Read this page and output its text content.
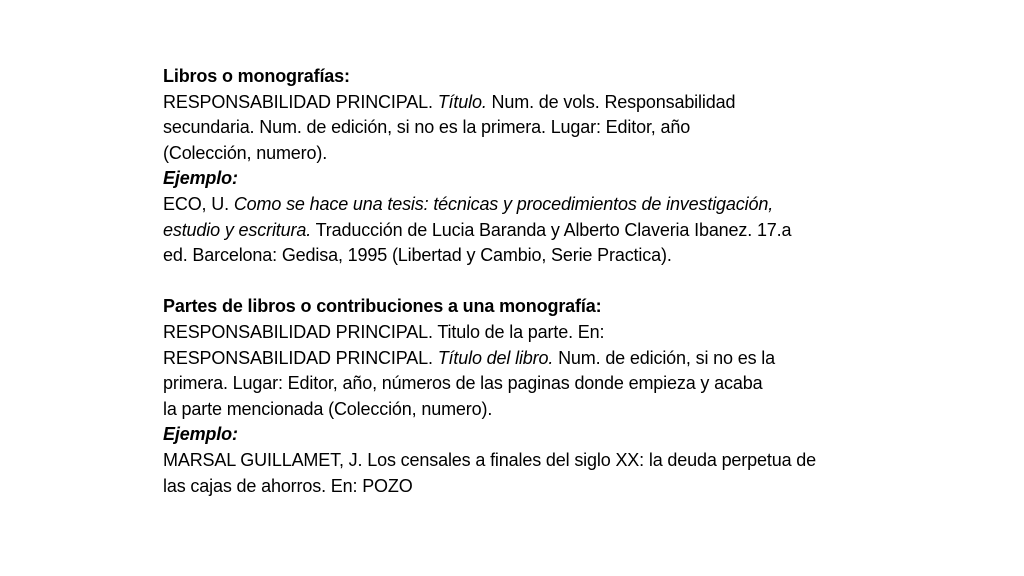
Libros o monografías:
RESPONSABILIDAD PRINCIPAL. Título. Num. de vols. Responsabilidad
secundaria. Num. de edición, si no es la primera. Lugar: Editor, año
(Colección, numero).
Ejemplo:
ECO, U. Como se hace una tesis: técnicas y procedimientos de investigación,
estudio y escritura. Traducción de Lucia Baranda y Alberto Claveria Ibanez. 17.a
ed. Barcelona: Gedisa, 1995 (Libertad y Cambio, Serie Practica).
Partes de libros o contribuciones a una monografía:
RESPONSABILIDAD PRINCIPAL. Titulo de la parte. En:
RESPONSABILIDAD PRINCIPAL. Título del libro. Num. de edición, si no es la
primera. Lugar: Editor, año, números de las paginas donde empieza y acaba
la parte mencionada (Colección, numero).
Ejemplo:
MARSAL GUILLAMET, J. Los censales a finales del siglo XX: la deuda perpetua de
las cajas de ahorros. En: POZO
